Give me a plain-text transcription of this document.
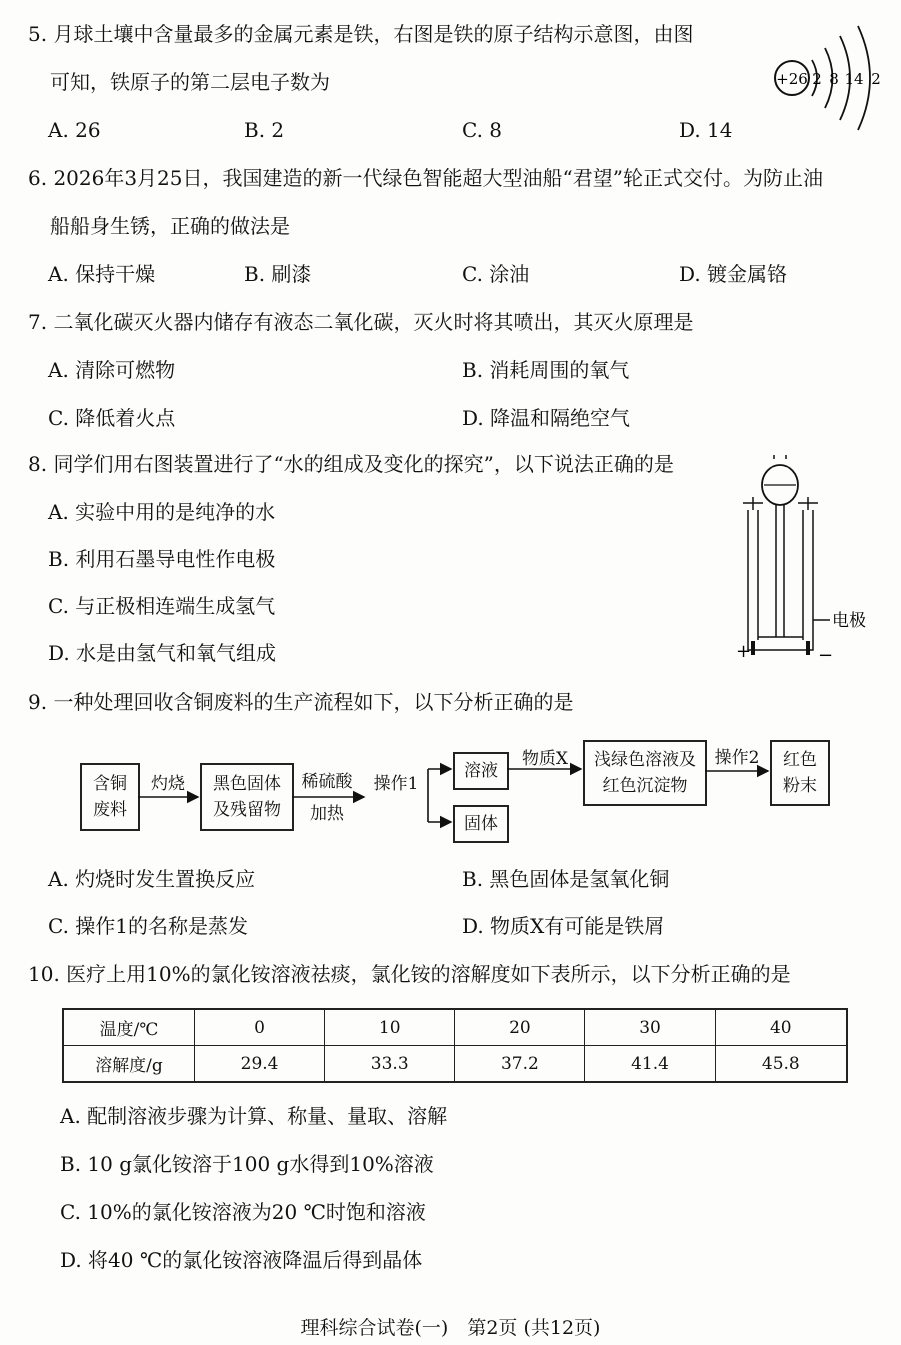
5. 月球土壤中含量最多的金属元素是铁，右图是铁的原子结构示意图，由图
可知，铁原子的第二层电子数为
A. 26	B. 2	C. 8	D. 14
+26 2 8 14 2
6. 2026年3月25日，我国建造的新一代绿色智能超大型油船“君望”轮正式交付。为防止油
船船身生锈，正确的做法是
A. 保持干燥	B. 刷漆	C. 涂油	D. 镀金属铬
7. 二氧化碳灭火器内储存有液态二氧化碳，灭火时将其喷出，其灭火原理是
A. 清除可燃物	B. 消耗周围的氧气
C. 降低着火点	D. 降温和隔绝空气
8. 同学们用右图装置进行了“水的组成及变化的探究”，以下说法正确的是
A. 实验中用的是纯净的水
B. 利用石墨导电性作电极
C. 与正极相连端生成氢气
D. 水是由氢气和氧气组成
电极
+	−
9. 一种处理回收含铜废料的生产流程如下，以下分析正确的是
含铜
废料
灼烧	黑色固体
及残留物
稀硫酸
加热
操作1
溶液
固体
物质X	浅绿色溶液及
红色沉淀物
操作2	红色
粉末
A. 灼烧时发生置换反应	B. 黑色固体是氢氧化铜
C. 操作1的名称是蒸发	D. 物质X有可能是铁屑
10. 医疗上用10%的氯化铵溶液祛痰，氯化铵的溶解度如下表所示，以下分析正确的是
温度/℃	0	10	20	30	40
溶解度/g	29.4	33.3	37.2	41.4	45.8
A. 配制溶液步骤为计算、称量、量取、溶解
B. 10 g氯化铵溶于100 g水得到10%溶液
C. 10%的氯化铵溶液为20 ℃时饱和溶液
D. 将40 ℃的氯化铵溶液降温后得到晶体
理科综合试卷(一)　第2页 (共12页)
